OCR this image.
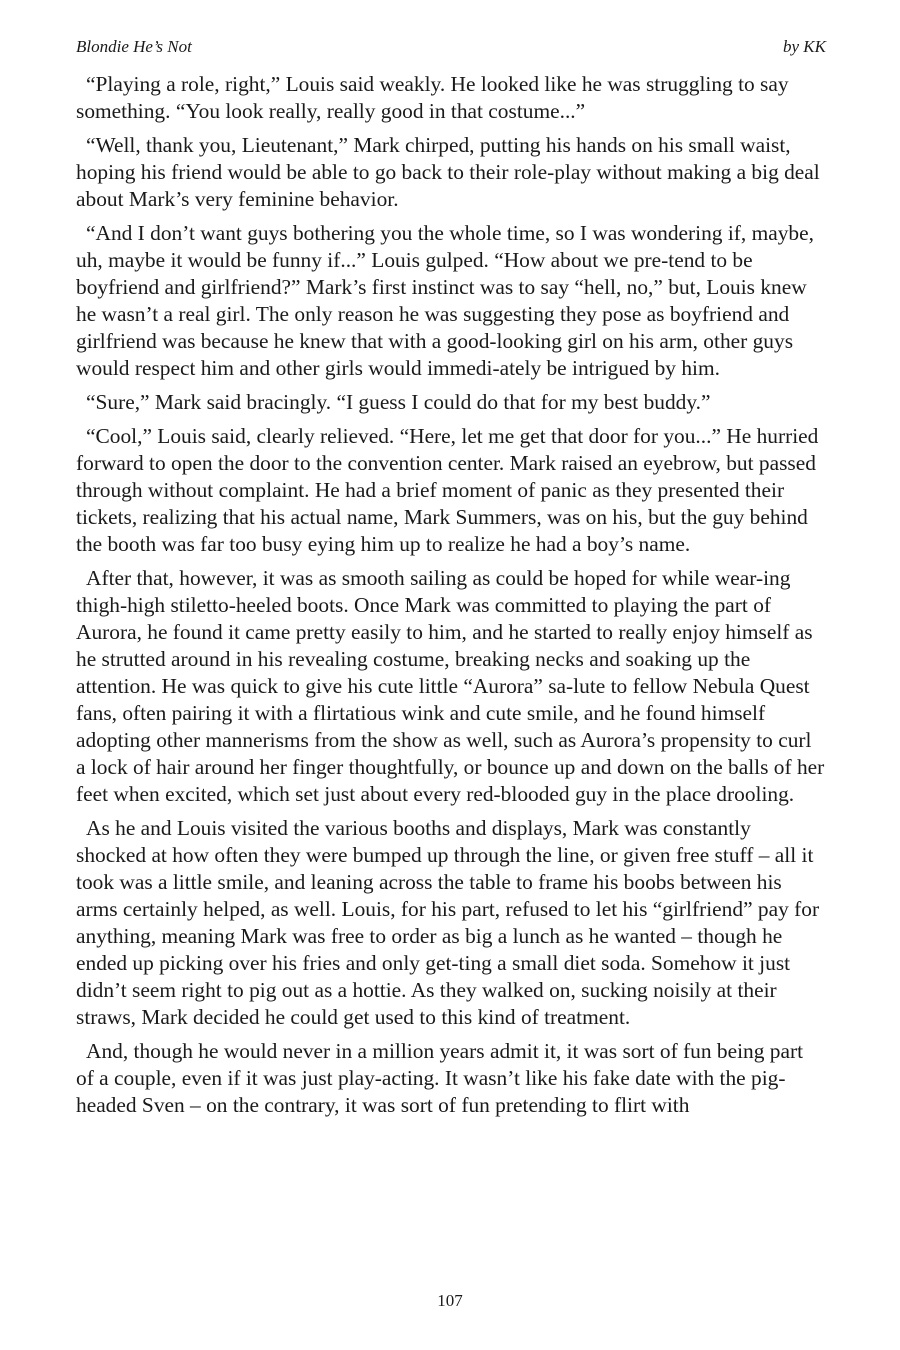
Blondie He’s Not	by KK

“Playing a role, right,” Louis said weakly. He looked like he was struggling to say something. “You look really, really good in that costume...”

“Well, thank you, Lieutenant,” Mark chirped, putting his hands on his small waist, hoping his friend would be able to go back to their role-play without making a big deal about Mark’s very feminine behavior.

“And I don’t want guys bothering you the whole time, so I was wondering if, maybe, uh, maybe it would be funny if...” Louis gulped. “How about we pre-tend to be boyfriend and girlfriend?” Mark’s first instinct was to say “hell, no,” but, Louis knew he wasn’t a real girl. The only reason he was suggesting they pose as boyfriend and girlfriend was because he knew that with a good-looking girl on his arm, other guys would respect him and other girls would immedi-ately be intrigued by him.

“Sure,” Mark said bracingly. “I guess I could do that for my best buddy.”

“Cool,” Louis said, clearly relieved. “Here, let me get that door for you...” He hurried forward to open the door to the convention center. Mark raised an eyebrow, but passed through without complaint. He had a brief moment of panic as they presented their tickets, realizing that his actual name, Mark Summers, was on his, but the guy behind the booth was far too busy eying him up to realize he had a boy’s name.

After that, however, it was as smooth sailing as could be hoped for while wear-ing thigh-high stiletto-heeled boots. Once Mark was committed to playing the part of Aurora, he found it came pretty easily to him, and he started to really enjoy himself as he strutted around in his revealing costume, breaking necks and soaking up the attention. He was quick to give his cute little “Aurora” sa-lute to fellow Nebula Quest fans, often pairing it with a flirtatious wink and cute smile, and he found himself adopting other mannerisms from the show as well, such as Aurora’s propensity to curl a lock of hair around her finger thoughtfully, or bounce up and down on the balls of her feet when excited, which set just about every red-blooded guy in the place drooling.

As he and Louis visited the various booths and displays, Mark was constantly shocked at how often they were bumped up through the line, or given free stuff – all it took was a little smile, and leaning across the table to frame his boobs between his arms certainly helped, as well. Louis, for his part, refused to let his “girlfriend” pay for anything, meaning Mark was free to order as big a lunch as he wanted – though he ended up picking over his fries and only get-ting a small diet soda. Somehow it just didn’t seem right to pig out as a hottie. As they walked on, sucking noisily at their straws, Mark decided he could get used to this kind of treatment.

And, though he would never in a million years admit it, it was sort of fun being part of a couple, even if it was just play-acting. It wasn’t like his fake date with the pig-headed Sven – on the contrary, it was sort of fun pretending to flirt with

107
